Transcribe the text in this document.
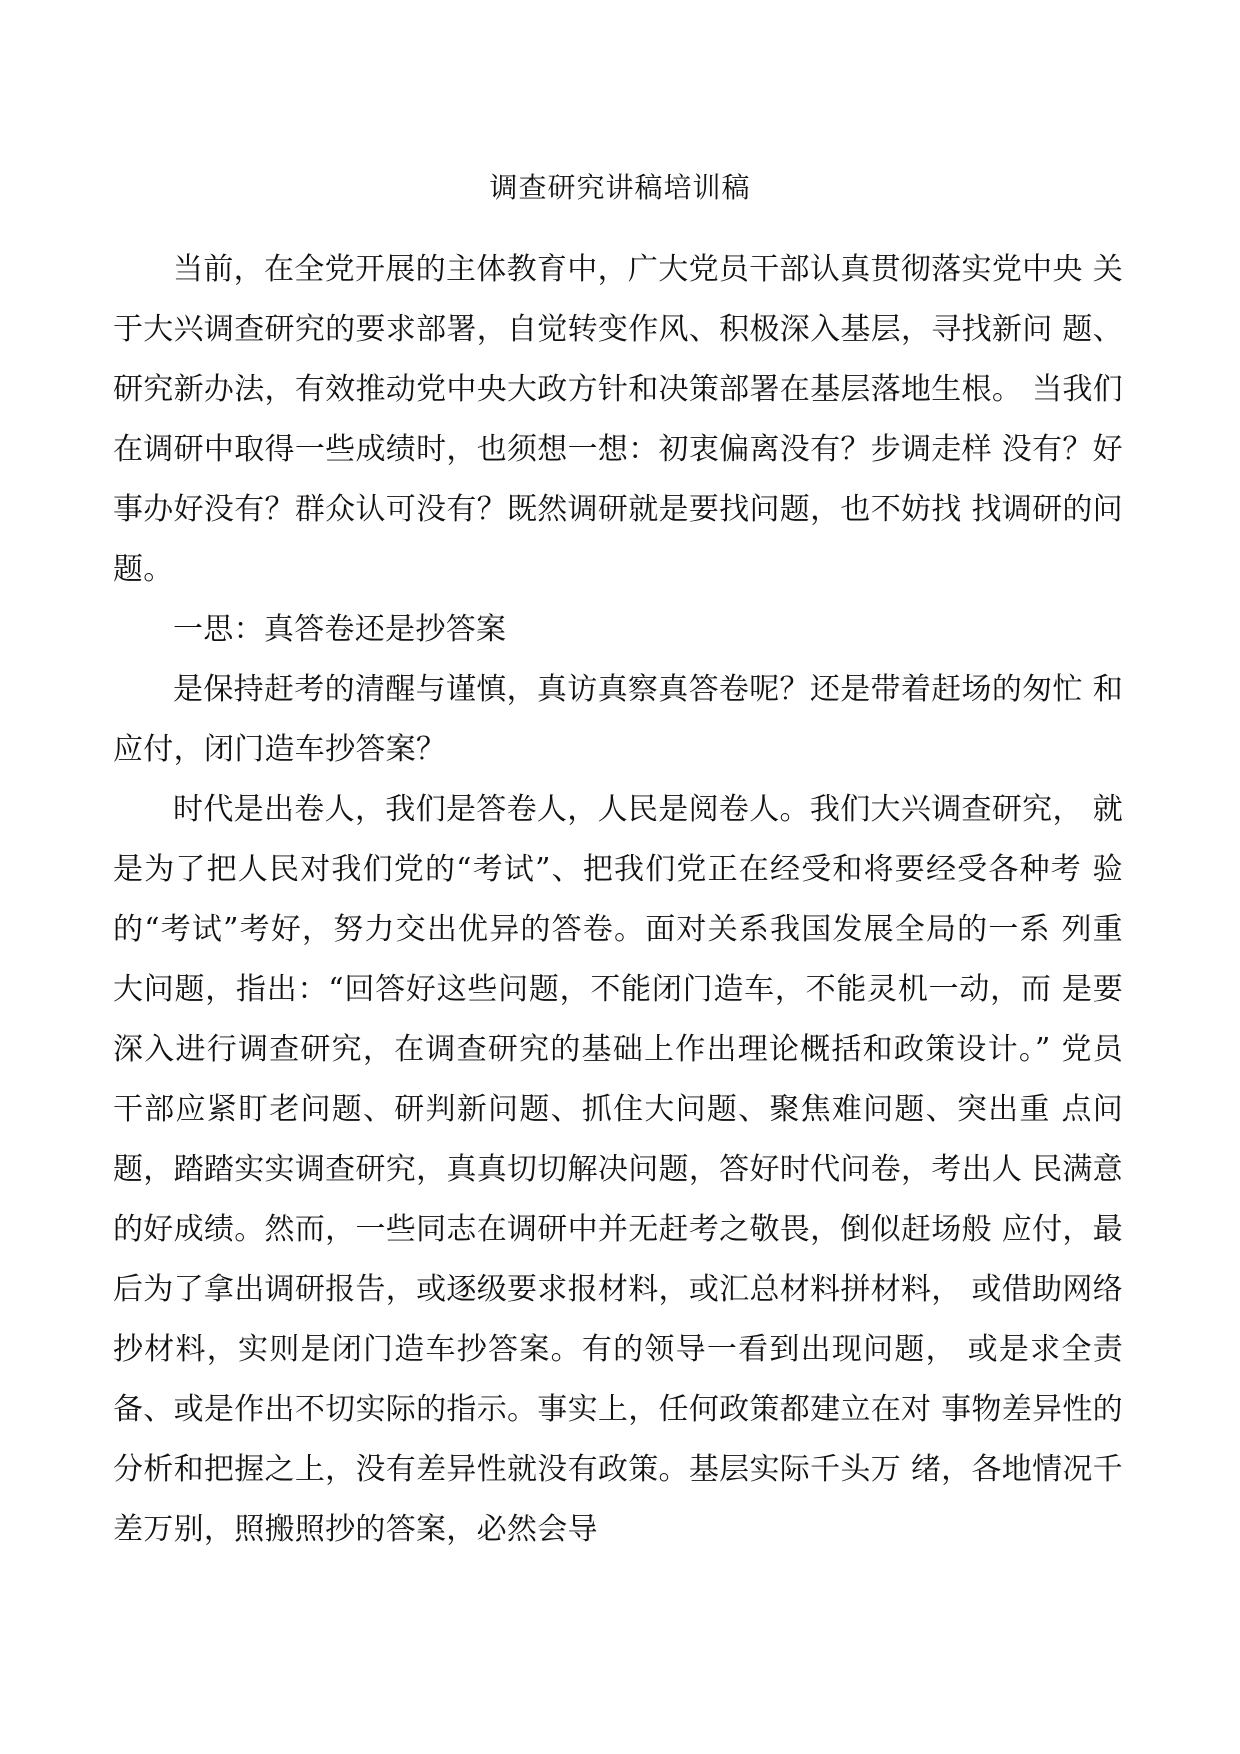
调查研究讲稿培训稿

当前，在全党开展的主体教育中，广大党员干部认真贯彻落实党中央 关于大兴调查研究的要求部署，自觉转变作风、积极深入基层，寻找新问 题、研究新办法，有效推动党中央大政方针和决策部署在基层落地生根。 当我们在调研中取得一些成绩时，也须想一想：初衷偏离没有？步调走样 没有？好事办好没有？群众认可没有？既然调研就是要找问题，也不妨找 找调研的问题。

一思：真答卷还是抄答案

是保持赶考的清醒与谨慎，真访真察真答卷呢？还是带着赶场的匆忙 和应付，闭门造车抄答案？

时代是出卷人，我们是答卷人，人民是阅卷人。我们大兴调查研究， 就是为了把人民对我们党的“考试”、把我们党正在经受和将要经受各种考 验的“考试”考好，努力交出优异的答卷。面对关系我国发展全局的一系 列重大问题，指出：“回答好这些问题，不能闭门造车，不能灵机一动，而 是要深入进行调查研究，在调查研究的基础上作出理论概括和政策设计。” 党员干部应紧盯老问题、研判新问题、抓住大问题、聚焦难问题、突出重 点问题，踏踏实实调查研究，真真切切解决问题，答好时代问卷，考出人 民满意的好成绩。然而，一些同志在调研中并无赶考之敬畏，倒似赶场般 应付，最后为了拿出调研报告，或逐级要求报材料，或汇总材料拼材料， 或借助网络抄材料，实则是闭门造车抄答案。有的领导一看到出现问题， 或是求全责备、或是作出不切实际的指示。事实上，任何政策都建立在对 事物差异性的分析和把握之上，没有差异性就没有政策。基层实际千头万 绪，各地情况千差万别，照搬照抄的答案，必然会导
